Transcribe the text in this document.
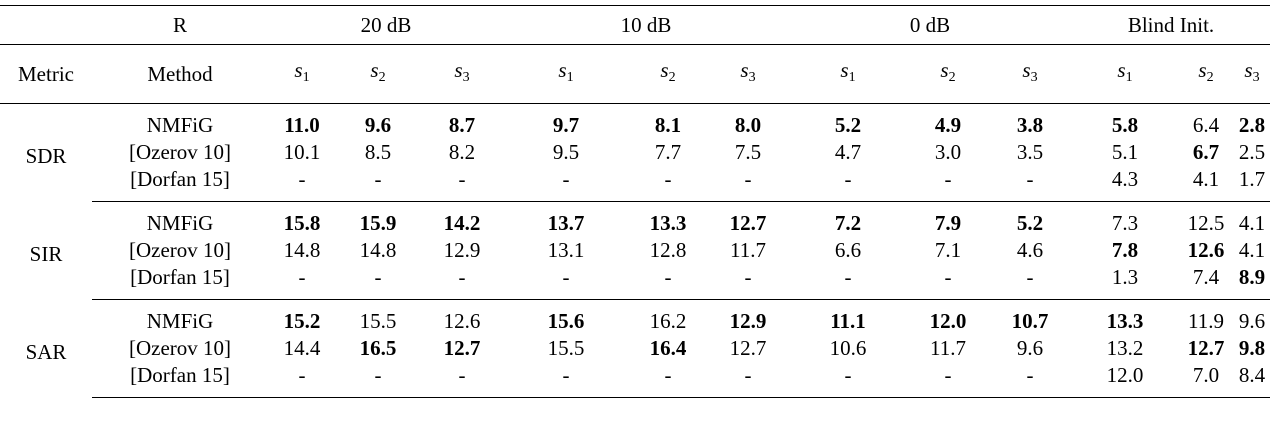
	R	20 dB			10 dB			0 dB			Blind Init.		
Metric	Method	$s_1$	$s_2$	$s_3$	$s_1$	$s_2$	$s_3$	$s_1$	$s_2$	$s_3$	$s_1$	$s_2$	$s_3$
SDR	NMFiG	11.0	9.6	8.7	9.7	8.1	8.0	5.2	4.9	3.8	5.8	6.4	2.8
	[Ozerov 10]	10.1	8.5	8.2	9.5	7.7	7.5	4.7	3.0	3.5	5.1	6.7	2.5
	[Dorfan 15]	-	-	-	-	-	-	-	-	-	4.3	4.1	1.7
SIR	NMFiG	15.8	15.9	14.2	13.7	13.3	12.7	7.2	7.9	5.2	7.3	12.5	4.1
	[Ozerov 10]	14.8	14.8	12.9	13.1	12.8	11.7	6.6	7.1	4.6	7.8	12.6	4.1
	[Dorfan 15]	-	-	-	-	-	-	-	-	-	1.3	7.4	8.9
SAR	NMFiG	15.2	15.5	12.6	15.6	16.2	12.9	11.1	12.0	10.7	13.3	11.9	9.6
	[Ozerov 10]	14.4	16.5	12.7	15.5	16.4	12.7	10.6	11.7	9.6	13.2	12.7	9.8
	[Dorfan 15]	-	-	-	-	-	-	-	-	-	12.0	7.0	8.4
